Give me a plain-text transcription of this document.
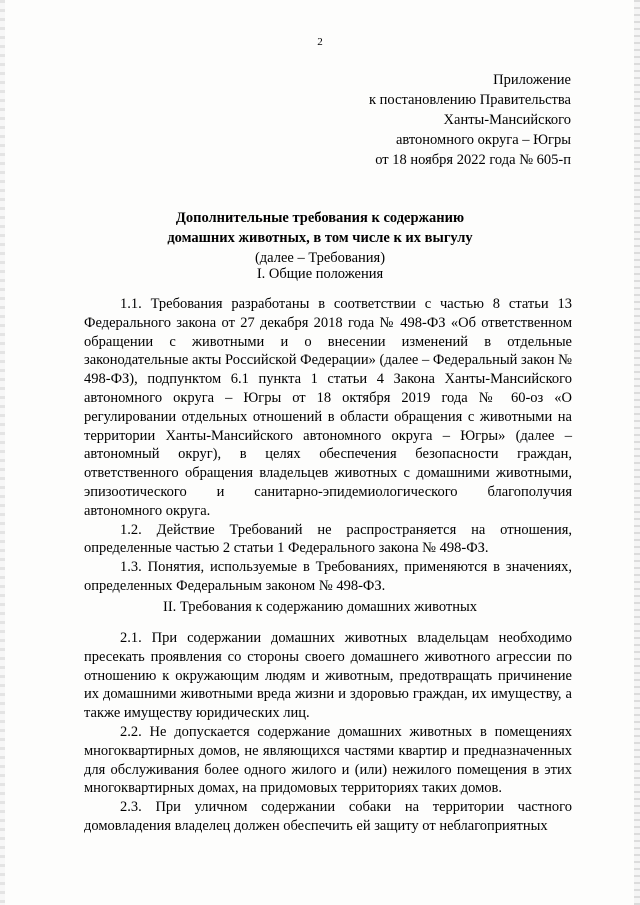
2
Приложение
к постановлению Правительства
Ханты-Мансийского
автономного округа – Югры
от 18 ноября 2022 года № 605-п
Дополнительные требования к содержанию
домашних животных, в том числе к их выгулу
(далее – Требования)
I. Общие положения

1.1. Требования разработаны в соответствии с частью 8 статьи 13 Федерального закона от 27 декабря 2018 года № 498-ФЗ «Об ответственном обращении с животными и о внесении изменений в отдельные законодательные акты Российской Федерации» (далее – Федеральный закон № 498-ФЗ), подпунктом 6.1 пункта 1 статьи 4 Закона Ханты-Мансийского автономного округа – Югры от 18 октября 2019 года № 60-оз «О регулировании отдельных отношений в области обращения с животными на территории Ханты-Мансийского автономного округа – Югры» (далее – автономный округ), в целях обеспечения безопасности граждан, ответственного обращения владельцев животных с домашними животными, эпизоотического и санитарно-эпидемиологического благополучия автономного округа.

1.2. Действие Требований не распространяется на отношения, определенные частью 2 статьи 1 Федерального закона № 498-ФЗ.

1.3. Понятия, используемые в Требованиях, применяются в значениях, определенных Федеральным законом № 498-ФЗ.

II. Требования к содержанию домашних животных

2.1. При содержании домашних животных владельцам необходимо пресекать проявления со стороны своего домашнего животного агрессии по отношению к окружающим людям и животным, предотвращать причинение их домашними животными вреда жизни и здоровью граждан, их имуществу, а также имуществу юридических лиц.

2.2. Не допускается содержание домашних животных в помещениях многоквартирных домов, не являющихся частями квартир и предназначенных для обслуживания более одного жилого и (или) нежилого помещения в этих многоквартирных домах, на придомовых территориях таких домов.

2.3. При уличном содержании собаки на территории частного домовладения владелец должен обеспечить ей защиту от неблагоприятных
